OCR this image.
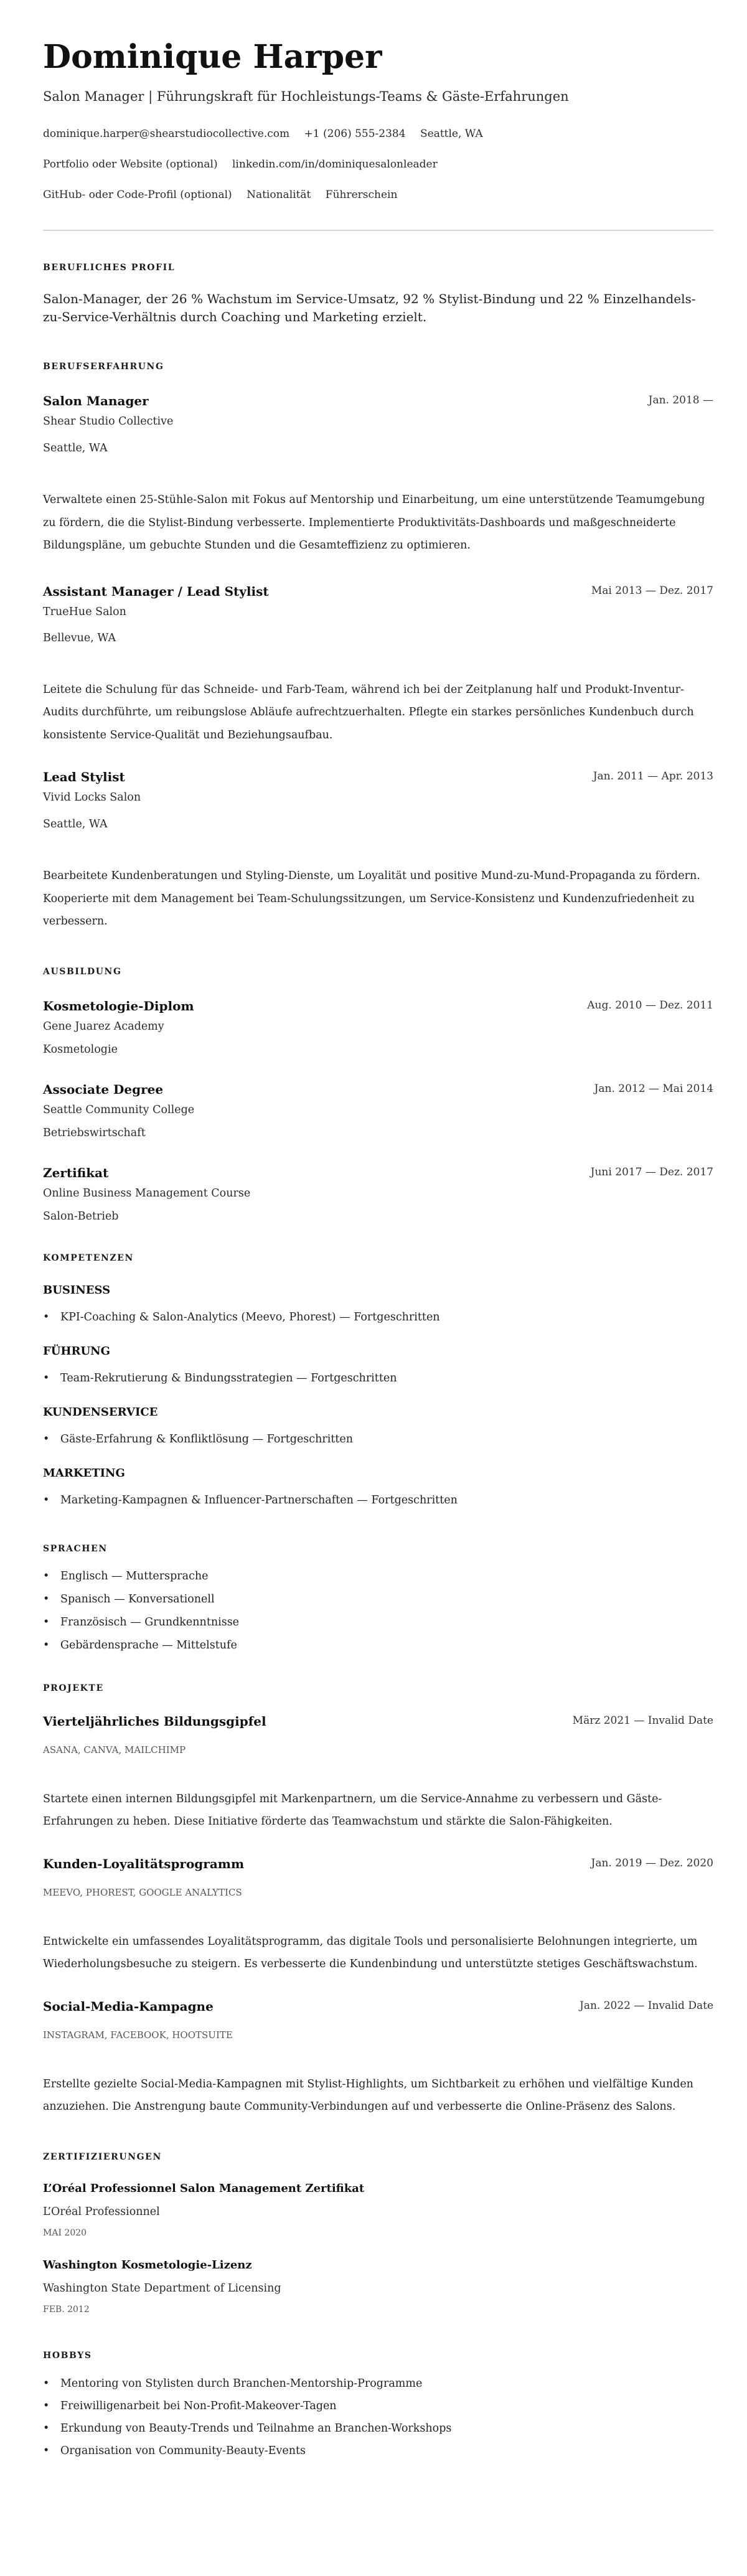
Dominique Harper
Salon Manager | Führungskraft für Hochleistungs-Teams & Gäste-Erfahrungen
dominique.harper@shearstudiocollective.com +1 (206) 555-2384 Seattle, WA
Portfolio oder Website (optional) linkedin.com/in/dominiquesalonleader
GitHub- oder Code-Profil (optional) Nationalität Führerschein
BERUFLICHES PROFIL
Salon-Manager, der 26 % Wachstum im Service-Umsatz, 92 % Stylist-Bindung und 22 % Einzelhandels-zu-Service-Verhältnis durch Coaching und Marketing erzielt.
BERUFSERFAHRUNG
Salon Manager	Jan. 2018 —
Shear Studio Collective
Seattle, WA
Verwaltete einen 25-Stühle-Salon mit Fokus auf Mentorship und Einarbeitung, um eine unterstützende Teamumgebung zu fördern, die die Stylist-Bindung verbesserte. Implementierte Produktivitäts-Dashboards und maßgeschneiderte Bildungspläne, um gebuchte Stunden und die Gesamteffizienz zu optimieren.
Assistant Manager / Lead Stylist	Mai 2013 — Dez. 2017
TrueHue Salon
Bellevue, WA
Leitete die Schulung für das Schneide- und Farb-Team, während ich bei der Zeitplanung half und Produkt-Inventur-Audits durchführte, um reibungslose Abläufe aufrechtzuerhalten. Pflegte ein starkes persönliches Kundenbuch durch konsistente Service-Qualität und Beziehungsaufbau.
Lead Stylist	Jan. 2011 — Apr. 2013
Vivid Locks Salon
Seattle, WA
Bearbeitete Kundenberatungen und Styling-Dienste, um Loyalität und positive Mund-zu-Mund-Propaganda zu fördern. Kooperierte mit dem Management bei Team-Schulungssitzungen, um Service-Konsistenz und Kundenzufriedenheit zu verbessern.
AUSBILDUNG
Kosmetologie-Diplom	Aug. 2010 — Dez. 2011
Gene Juarez Academy
Kosmetologie
Associate Degree	Jan. 2012 — Mai 2014
Seattle Community College
Betriebswirtschaft
Zertifikat	Juni 2017 — Dez. 2017
Online Business Management Course
Salon-Betrieb
KOMPETENZEN
BUSINESS
• KPI-Coaching & Salon-Analytics (Meevo, Phorest) — Fortgeschritten
FÜHRUNG
• Team-Rekrutierung & Bindungsstrategien — Fortgeschritten
KUNDENSERVICE
• Gäste-Erfahrung & Konfliktlösung — Fortgeschritten
MARKETING
• Marketing-Kampagnen & Influencer-Partnerschaften — Fortgeschritten
SPRACHEN
• Englisch — Muttersprache
• Spanisch — Konversationell
• Französisch — Grundkenntnisse
• Gebärdensprache — Mittelstufe
PROJEKTE
Vierteljährliches Bildungsgipfel	März 2021 — Invalid Date
ASANA, CANVA, MAILCHIMP
Startete einen internen Bildungsgipfel mit Markenpartnern, um die Service-Annahme zu verbessern und Gäste-Erfahrungen zu heben. Diese Initiative förderte das Teamwachstum und stärkte die Salon-Fähigkeiten.
Kunden-Loyalitätsprogramm	Jan. 2019 — Dez. 2020
MEEVO, PHOREST, GOOGLE ANALYTICS
Entwickelte ein umfassendes Loyalitätsprogramm, das digitale Tools und personalisierte Belohnungen integrierte, um Wiederholungsbesuche zu steigern. Es verbesserte die Kundenbindung und unterstützte stetiges Geschäftswachstum.
Social-Media-Kampagne	Jan. 2022 — Invalid Date
INSTAGRAM, FACEBOOK, HOOTSUITE
Erstellte gezielte Social-Media-Kampagnen mit Stylist-Highlights, um Sichtbarkeit zu erhöhen und vielfältige Kunden anzuziehen. Die Anstrengung baute Community-Verbindungen auf und verbesserte die Online-Präsenz des Salons.
ZERTIFIZIERUNGEN
L’Oréal Professionnel Salon Management Zertifikat
L’Oréal Professionnel
MAI 2020
Washington Kosmetologie-Lizenz
Washington State Department of Licensing
FEB. 2012
HOBBYS
• Mentoring von Stylisten durch Branchen-Mentorship-Programme
• Freiwilligenarbeit bei Non-Profit-Makeover-Tagen
• Erkundung von Beauty-Trends und Teilnahme an Branchen-Workshops
• Organisation von Community-Beauty-Events
